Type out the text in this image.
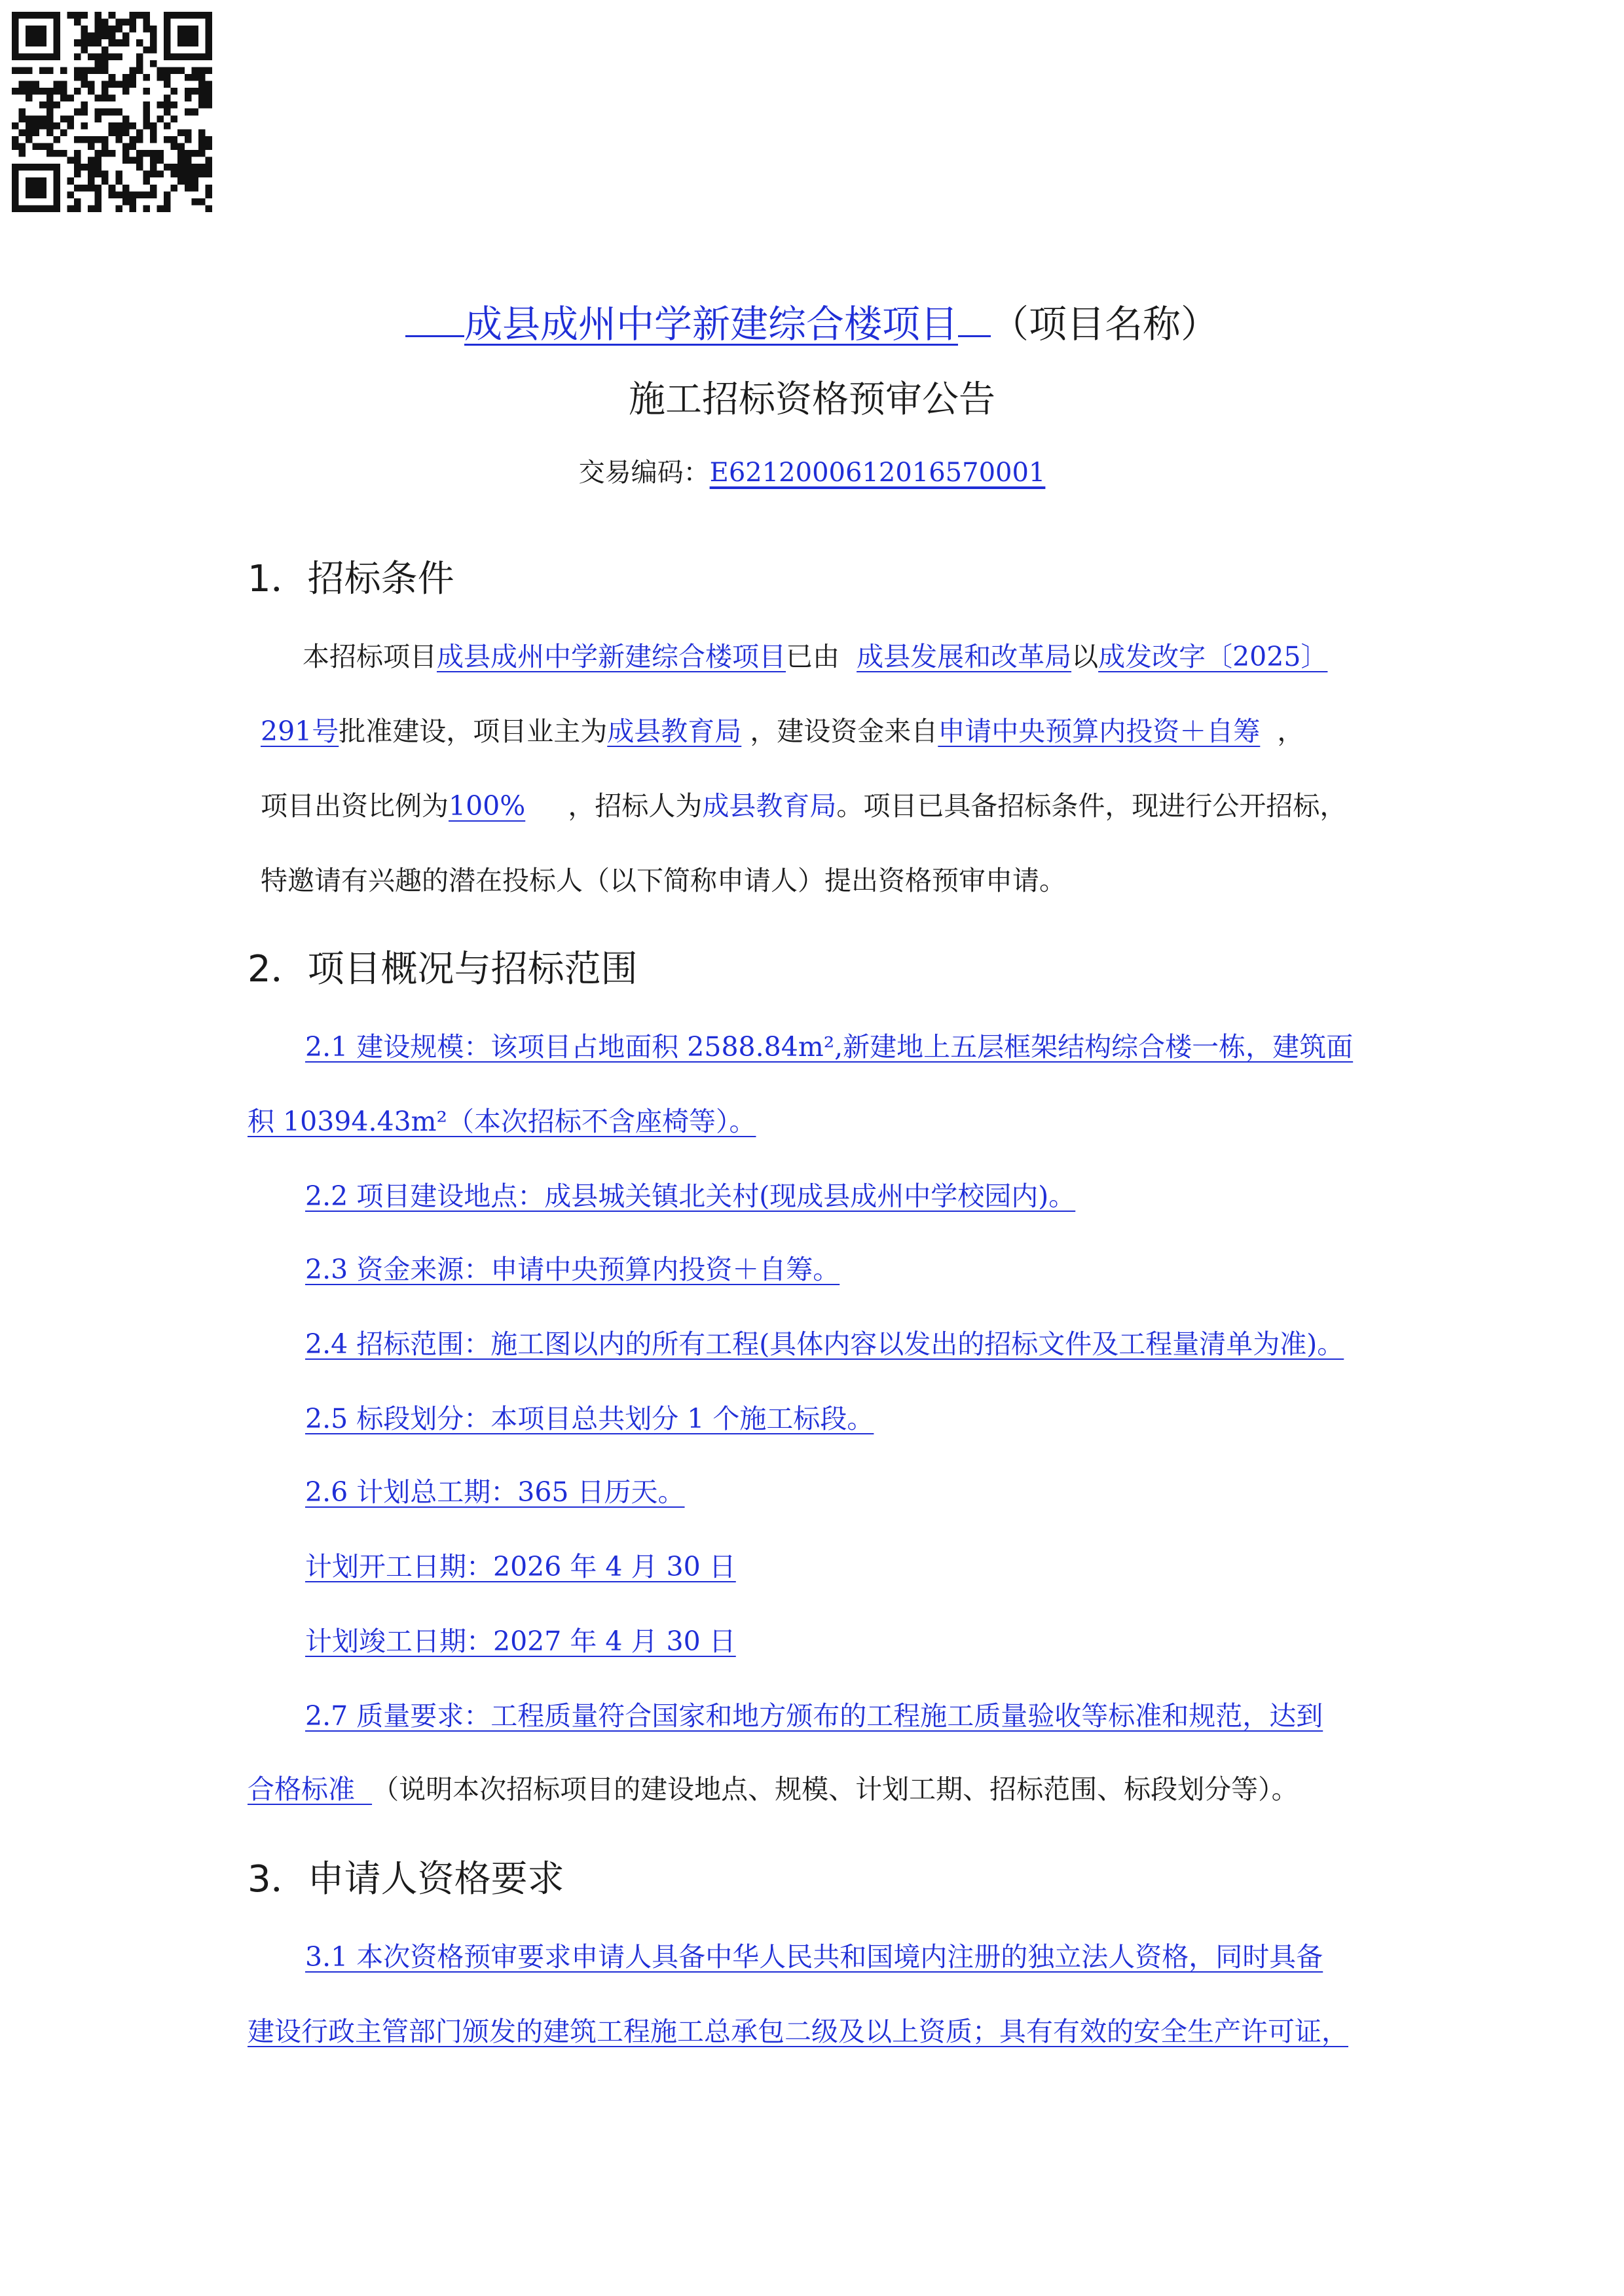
成县成州中学新建综合楼项目 （项目名称）
施工招标资格预审公告
交易编码：E6212000612016570001
1．招标条件
本招标项目成县成州中学新建综合楼项目已由 成县发展和改革局以成发改字〔2025〕
291号批准建设，项目业主为成县教育局 ，建设资金来自申请中央预算内投资＋自筹 ，
项目出资比例为100% ，招标人为成县教育局。项目已具备招标条件，现进行公开招标，
特邀请有兴趣的潜在投标人（以下简称申请人）提出资格预审申请。
2．项目概况与招标范围
2.1 建设规模：该项目占地面积 2588.84m²,新建地上五层框架结构综合楼一栋，建筑面
积 10394.43m²（本次招标不含座椅等）。
2.2 项目建设地点：成县城关镇北关村(现成县成州中学校园内)。
2.3 资金来源：申请中央预算内投资＋自筹。
2.4 招标范围：施工图以内的所有工程(具体内容以发出的招标文件及工程量清单为准)。
2.5 标段划分：本项目总共划分 1 个施工标段。
2.6 计划总工期：365 日历天。
计划开工日期：2026 年 4 月 30 日
计划竣工日期：2027 年 4 月 30 日
2.7 质量要求：工程质量符合国家和地方颁布的工程施工质量验收等标准和规范，达到
合格标准 （说明本次招标项目的建设地点、规模、计划工期、招标范围、标段划分等）。
3．申请人资格要求
3.1 本次资格预审要求申请人具备中华人民共和国境内注册的独立法人资格，同时具备
建设行政主管部门颁发的建筑工程施工总承包二级及以上资质；具有有效的安全生产许可证，
